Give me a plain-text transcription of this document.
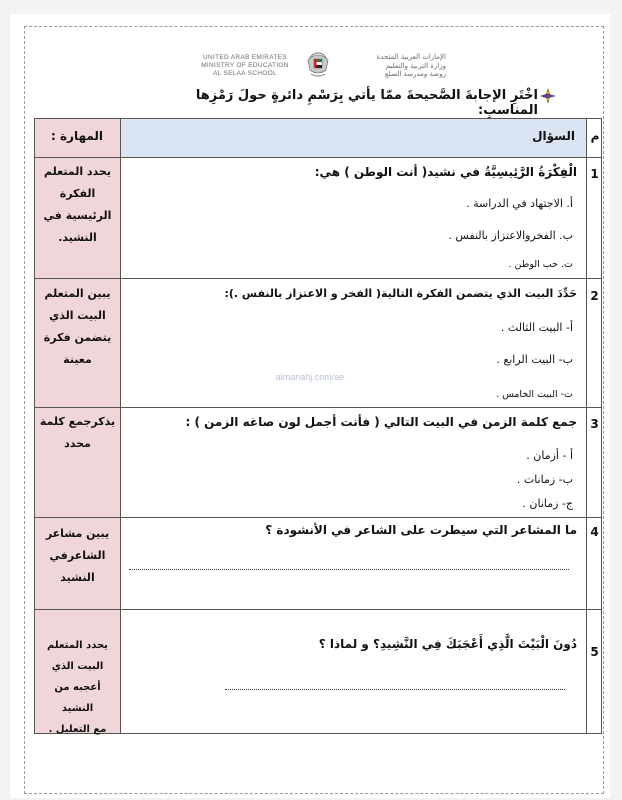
UNITED ARAB EMIRATES
MINISTRY OF EDUCATION
AL SELAA SCHOOL
الإمارات العربية المتحدة
وزارة التربية والتعليم
روضة ومدرسة السلع
اخْتَرِ الإجابةَ الصَّحيحةَ ممّا يأتي بِرَسْمِ دائرةٍ حولَ رَمْزِها المناسبِ:
م
السؤال
المهارة :
1
الْفِكْرَةُ الرَّئِيسِيَّةُ في نشيد( أنت الوطن ) هي:
أ. الاجتهاد في الدراسة .
ب. الفخروالاعتزاز بالنفس .
ت. حب الوطن .
يحدد المتعلم
الفكرة
الرئيسية في
النشيد.
2
حَدِّدَ البيت الذي يتضمن الفكرة التالية( الفخر و الاعتزاز بالنفس .):
أ- البيت الثالث .
ب- البيت الرابع .
ت- البيت الخامس .
يبين المتعلم
البيت الذي
يتضمن فكرة
معينة
3
جمع كلمة الزمن في البيت التالي ( فأنت أجمل لون صاغه الزمن ) :
أ - أزمان .
ب- زمانات .
ج- زمانان .
يذكرجمع كلمة
محدد
4
ما المشاعر التي سيطرت على الشاعر في الأنشودة ؟
يبين مشاعر
الشاعرفي
النشيد
5
دُونَ الْبَيْتَ الَّذِي أَعْجَبَكَ فِي النَّشِيدِ؟ و لماذا ؟
يحدد المتعلم
البيت الذي
أعجبه من النشيد
مع التعليل .
almanahj.com/ae
